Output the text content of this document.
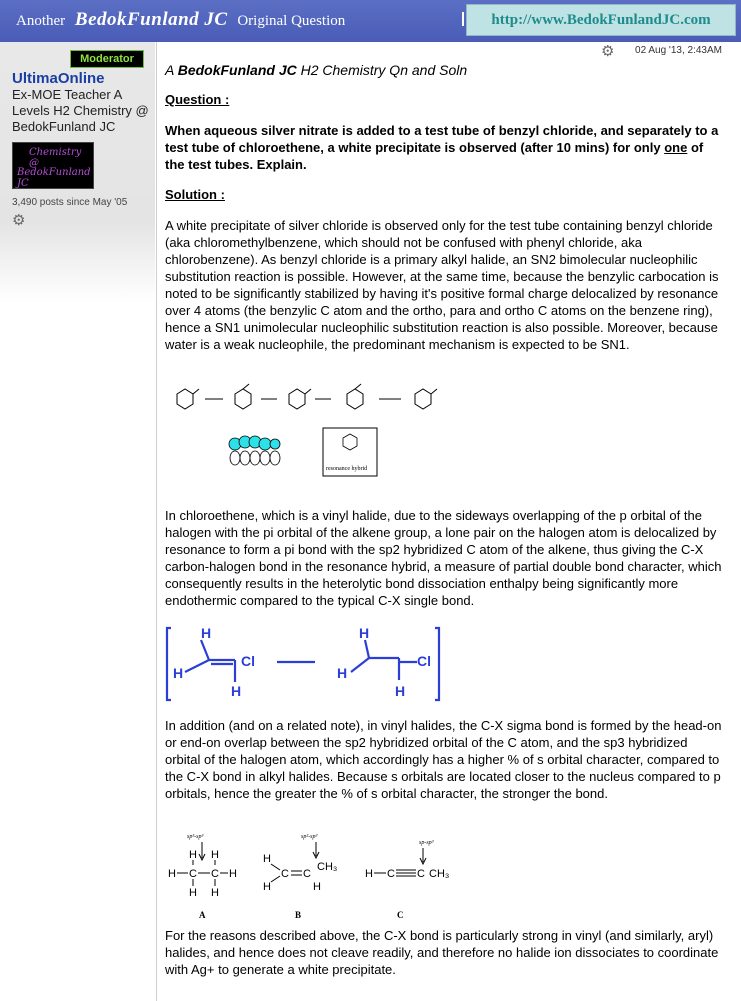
Another BedokFunland JC Original Question	http://www.BedokFunlandJC.com
Moderator
UltimaOnline
Ex-MOE Teacher A Levels H2 Chemistry @ BedokFunland JC
Chemistry @
BedokFunland JC
3,490 posts since May '05
⚙
⚙ 02 Aug '13, 2:43AM
A BedokFunland JC H2 Chemistry Qn and Soln
Question :
When aqueous silver nitrate is added to a test tube of benzyl chloride, and separately to a test tube of chloroethene, a white precipitate is observed (after 10 mins) for only one of the test tubes. Explain.
Solution :
A white precipitate of silver chloride is observed only for the test tube containing benzyl chloride (aka chloromethylbenzene, which should not be confused with phenyl chloride, aka chlorobenzene). As benzyl chloride is a primary alkyl halide, an SN2 bimolecular nucleophilic substitution reaction is possible. However, at the same time, because the benzylic carbocation is noted to be significantly stabilized by having it's positive formal charge delocalized by resonance over 4 atoms (the benzylic C atom and the ortho, para and ortho C atoms on the benzene ring), hence a SN1 unimolecular nucleophilic substitution reaction is also possible. Moreover, because water is a weak nucleophile, the predominant mechanism is expected to be SN1.
resonance hybrid
In chloroethene, which is a vinyl halide, due to the sideways overlapping of the p orbital of the halogen with the pi orbital of the alkene group, a lone pair on the halogen atom is delocalized by resonance to form a pi bond with the sp2 hybridized C atom of the alkene, thus giving the C-X carbon-halogen bond in the resonance hybrid, a measure of partial double bond character, which consequently results in the heterolytic bond dissociation enthalpy being significantly more endothermic compared to the typical C-X single bond.
H
H
H
Cl
H
H
H
Cl
In addition (and on a related note), in vinyl halides, the C-X sigma bond is formed by the head-on or end-on overlap between the sp2 hybridized orbital of the C atom, and the sp3 hybridized orbital of the halogen atom, which accordingly has a higher % of s orbital character, compared to the C-X bond in alkyl halides. Because s orbitals are located closer to the nucleus compared to p orbitals, hence the greater the % of s orbital character, the stronger the bond.
sp³-sp³	sp²-sp³
sp-sp³
H C C H
H H
H H	H
C C
CH₃
H
H
H C C CH₃
A	B	C
For the reasons described above, the C-X bond is particularly strong in vinyl (and similarly, aryl) halides, and hence does not cleave readily, and therefore no halide ion dissociates to coordinate with Ag+ to generate a white precipitate.
